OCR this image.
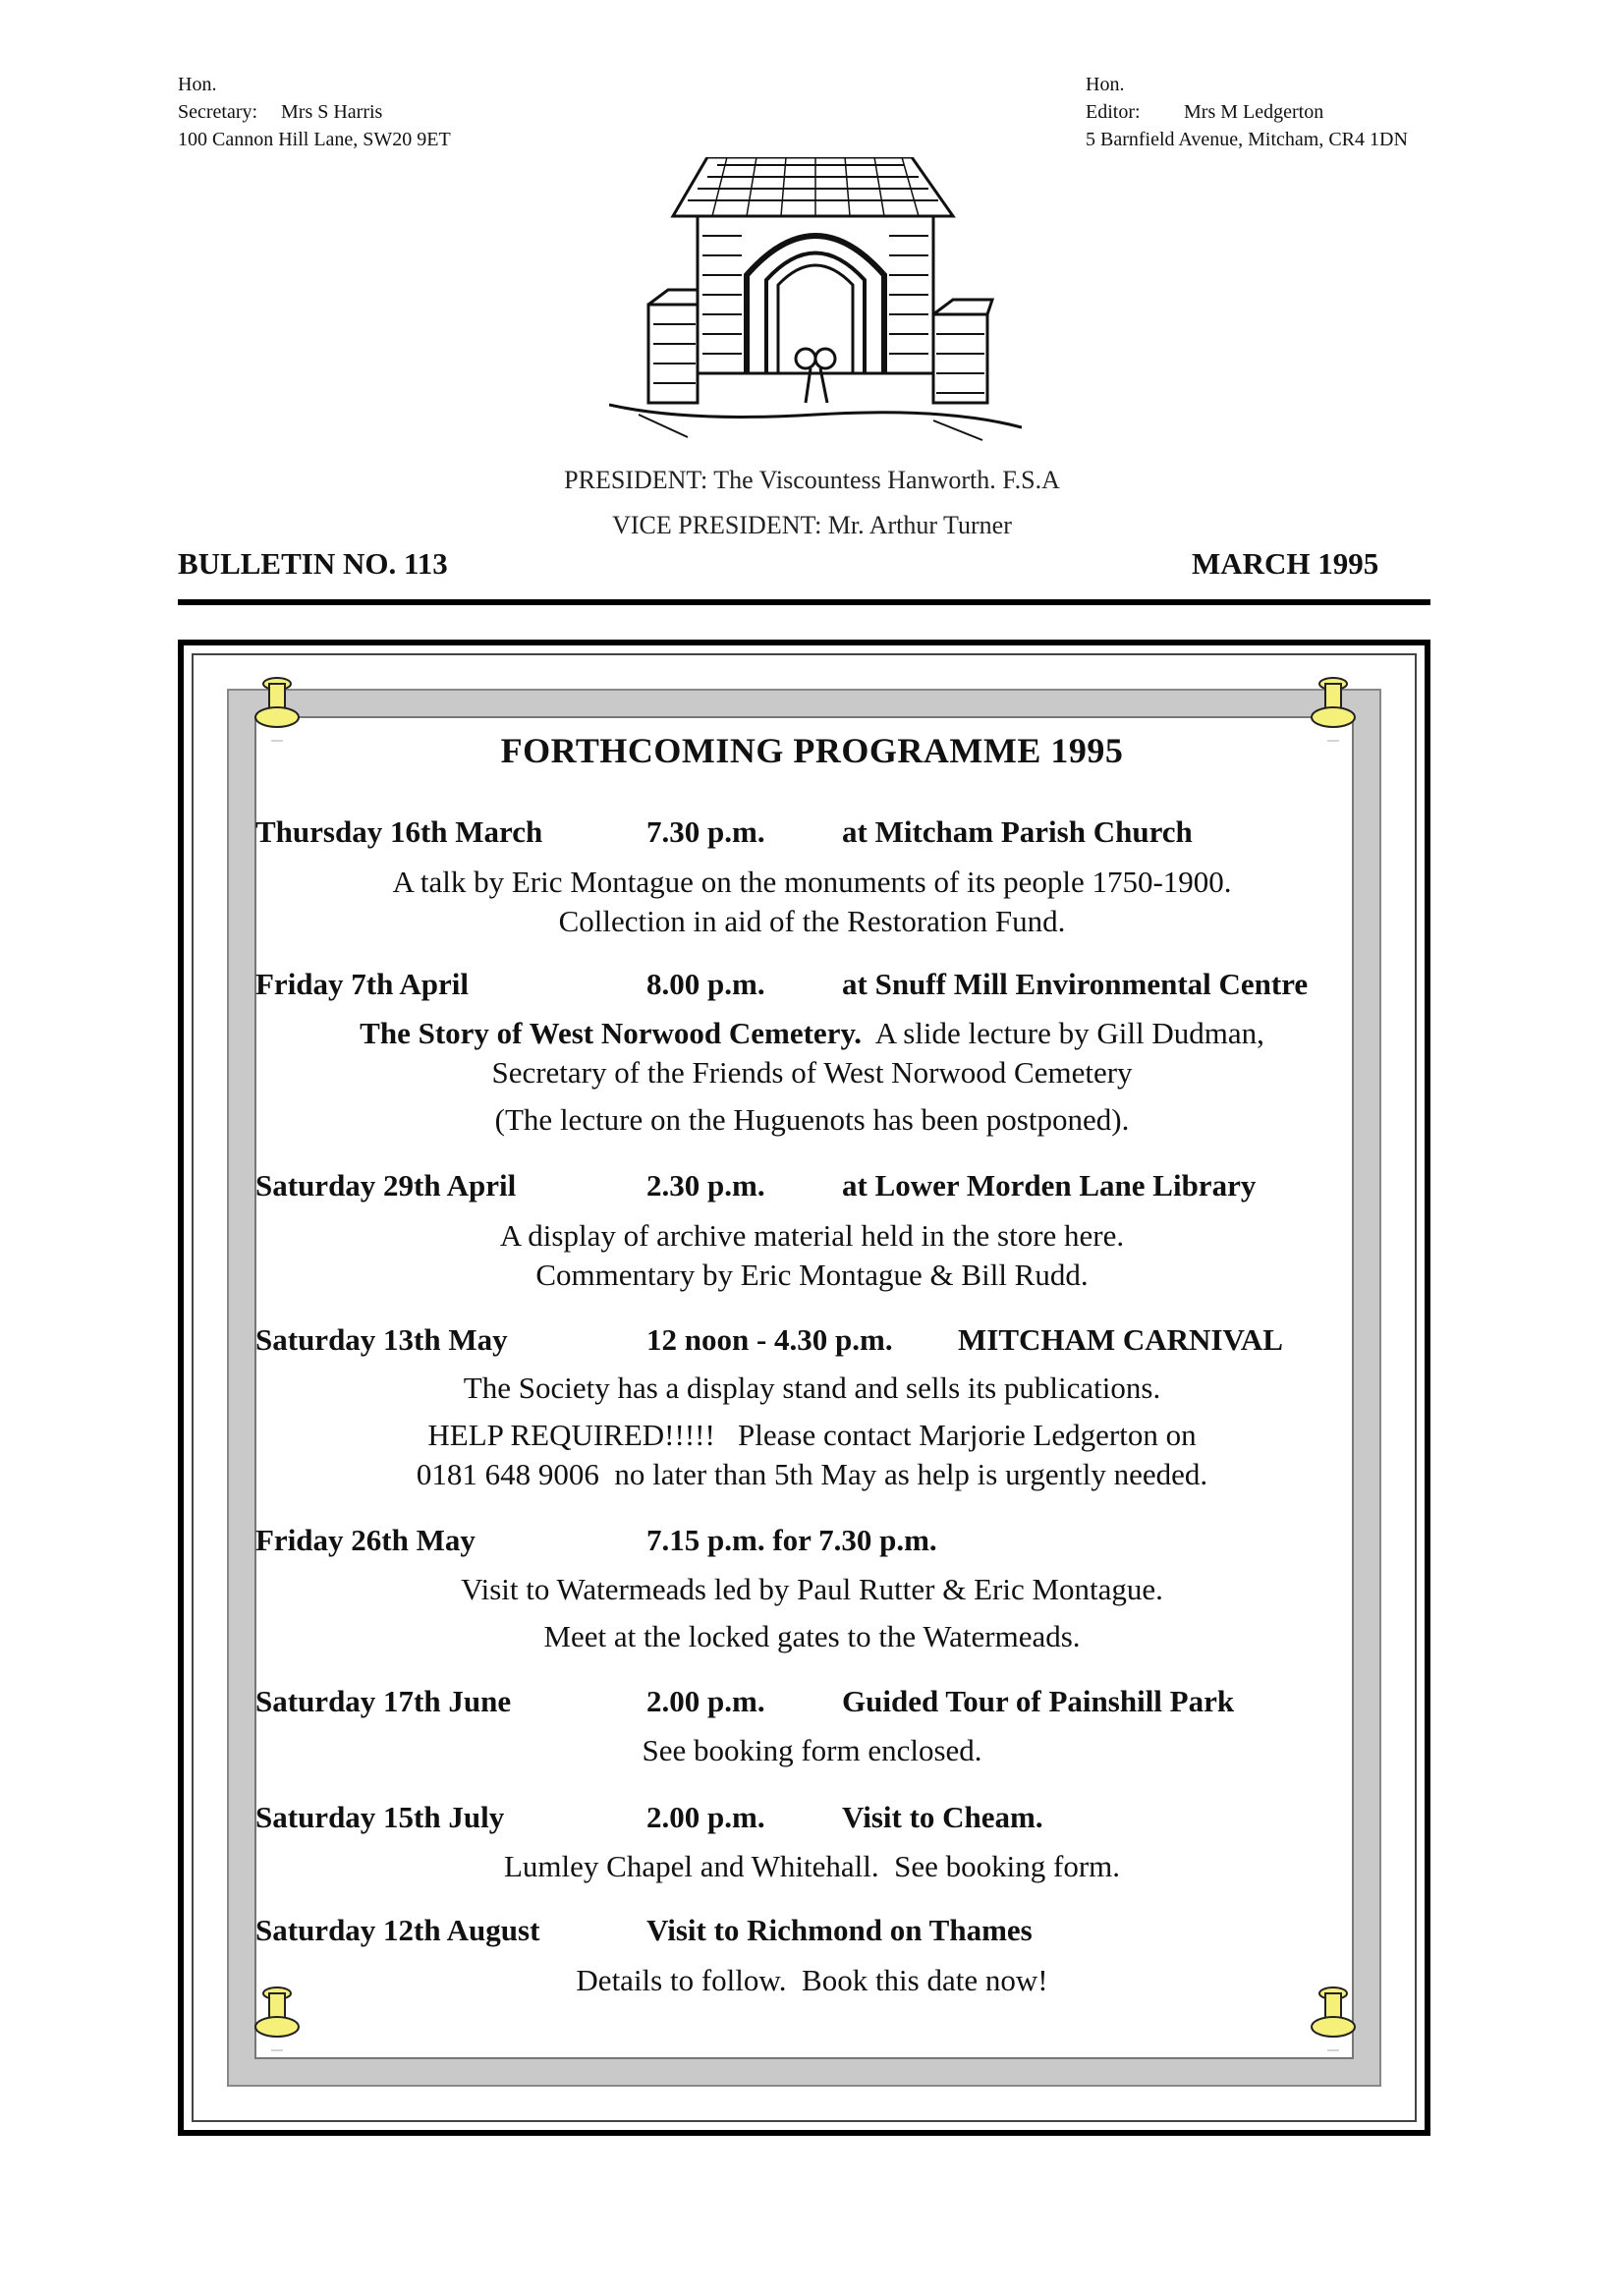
Hon. Secretary: Mrs S Harris
100 Cannon Hill Lane, SW20 9ET
Hon. Editor: Mrs M Ledgerton
5 Barnfield Avenue, Mitcham, CR4 1DN
PRESIDENT: The Viscountess Hanworth. F.S.A
VICE PRESIDENT: Mr. Arthur Turner
BULLETIN NO. 113	MARCH 1995
FORTHCOMING PROGRAMME 1995
Thursday 16th March	7.30 p.m.	at Mitcham Parish Church
A talk by Eric Montague on the monuments of its people 1750-1900.
Collection in aid of the Restoration Fund.
Friday 7th April	8.00 p.m.	at Snuff Mill Environmental Centre
The Story of West Norwood Cemetery.  A slide lecture by Gill Dudman,
Secretary of the Friends of West Norwood Cemetery
(The lecture on the Huguenots has been postponed).
Saturday 29th April	2.30 p.m.	at Lower Morden Lane Library
A display of archive material held in the store here.
Commentary by Eric Montague & Bill Rudd.
Saturday 13th May	12 noon - 4.30 p.m. MITCHAM CARNIVAL
The Society has a display stand and sells its publications.
HELP REQUIRED!!!!!   Please contact Marjorie Ledgerton on
0181 648 9006  no later than 5th May as help is urgently needed.
Friday 26th May	7.15 p.m. for 7.30 p.m.
Visit to Watermeads led by Paul Rutter & Eric Montague.
Meet at the locked gates to the Watermeads.
Saturday 17th June	2.00 p.m.	Guided Tour of Painshill Park
See booking form enclosed.
Saturday 15th July	2.00 p.m.	Visit to Cheam.
Lumley Chapel and Whitehall.  See booking form.
Saturday 12th August	Visit to Richmond on Thames
Details to follow.  Book this date now!
